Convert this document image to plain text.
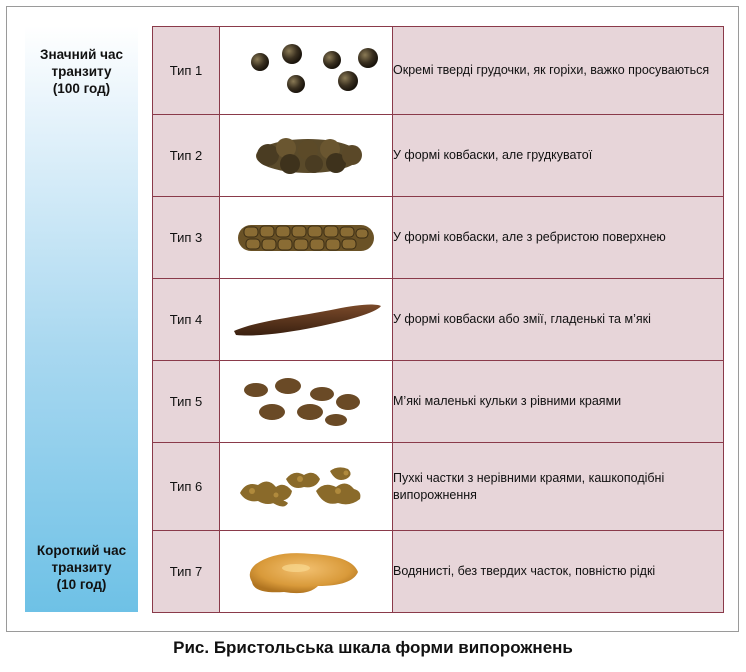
Значний час
транзиту
(100 год)
Короткий час
транзиту
(10 год)
Тип 1		Окремі тверді грудочки, як горіхи, важко просуваються
Тип 2		У формі ковбаски, але грудкуватої
Тип 3		У формі ковбаски, але з ребристою поверхнею
Тип 4		У формі ковбаски або змії, гладенькі та м’які
Тип 5		М’які маленькі кульки з рівними краями
Тип 6		Пухкі частки з нерівними краями, кашкоподібні випорожнення
Тип 7		Водянисті, без твердих часток, повністю рідкі
Рис. Бристольська шкала форми випорожнень
